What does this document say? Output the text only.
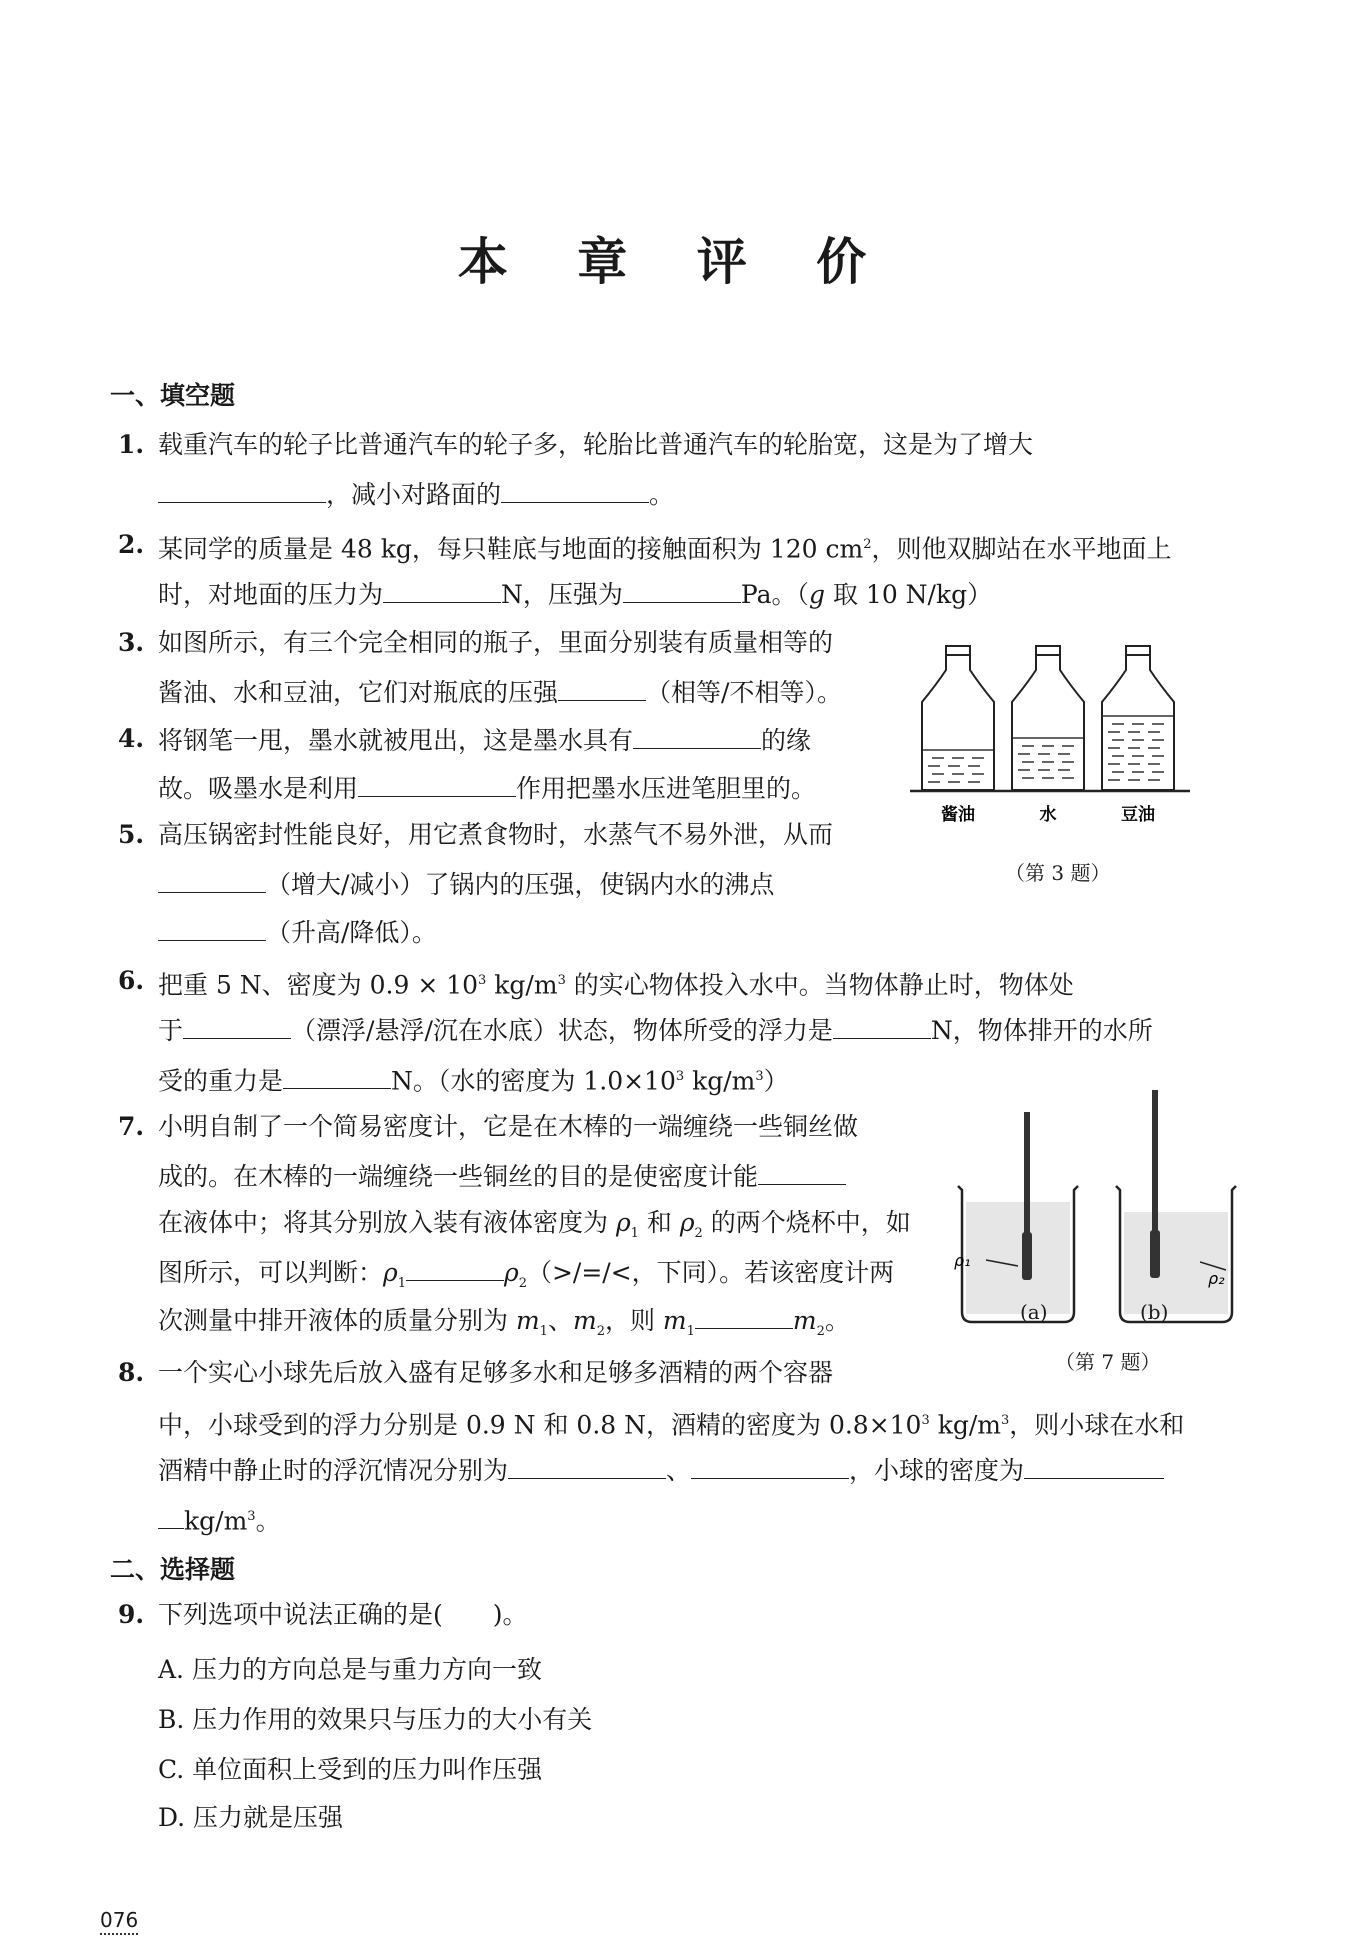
本 章 评 价
一、填空题
1. 载重汽车的轮子比普通汽车的轮子多，轮胎比普通汽车的轮胎宽，这是为了增大
，减小对路面的	。
2. 某同学的质量是 48 kg，每只鞋底与地面的接触面积为 120 $cm^2$，则他双脚站在水平地面上
时，对地面的压力为	N，压强为	Pa。（g 取 10 N/kg）
3. 如图所示，有三个完全相同的瓶子，里面分别装有质量相等的
酱油、水和豆油，它们对瓶底的压强	（相等/不相等）。
4. 将钢笔一甩，墨水就被甩出，这是墨水具有	的缘
故。吸墨水是利用	作用把墨水压进笔胆里的。
5. 高压锅密封性能良好，用它煮食物时，水蒸气不易外泄，从而
（增大/减小）了锅内的压强，使锅内水的沸点
（升高/降低）。
酱油	水	豆油
（第 3 题）
6. 把重 5 N、密度为 $0.9 \times 10^3$ $kg/m^3$ 的实心物体投入水中。当物体静止时，物体处
于	（漂浮/悬浮/沉在水底）状态，物体所受的浮力是	N，物体排开的水所
受的重力是	N。（水的密度为 $1.0\times 10^3$ $kg/m^3$）
7. 小明自制了一个简易密度计，它是在木棒的一端缠绕一些铜丝做
成的。在木棒的一端缠绕一些铜丝的目的是使密度计能
在液体中；将其分别放入装有液体密度为 $\rho_1$ 和 $\rho_2$ 的两个烧杯中，如
图所示，可以判断：$\rho_1$	$\rho_2(>/=/<$，下同）。若该密度计两
次测量中排开液体的质量分别为 $m_1$、$m_2$，则 $m_1$	$m_2$。
ρ₁
ρ₂
(a)	(b)
（第 7 题）
8. 一个实心小球先后放入盛有足够多水和足够多酒精的两个容器
中，小球受到的浮力分别是 0.9 N 和 0.8 N，酒精的密度为 $0.8\times 10^3$ $kg/m^3$，则小球在水和
酒精中静止时的浮沉情况分别为	、	，小球的密度为
$kg/m^3$。
二、选择题
9. 下列选项中说法正确的是(　　)。
A. 压力的方向总是与重力方向一致
B. 压力作用的效果只与压力的大小有关
C. 单位面积上受到的压力叫作压强
D. 压力就是压强
076
